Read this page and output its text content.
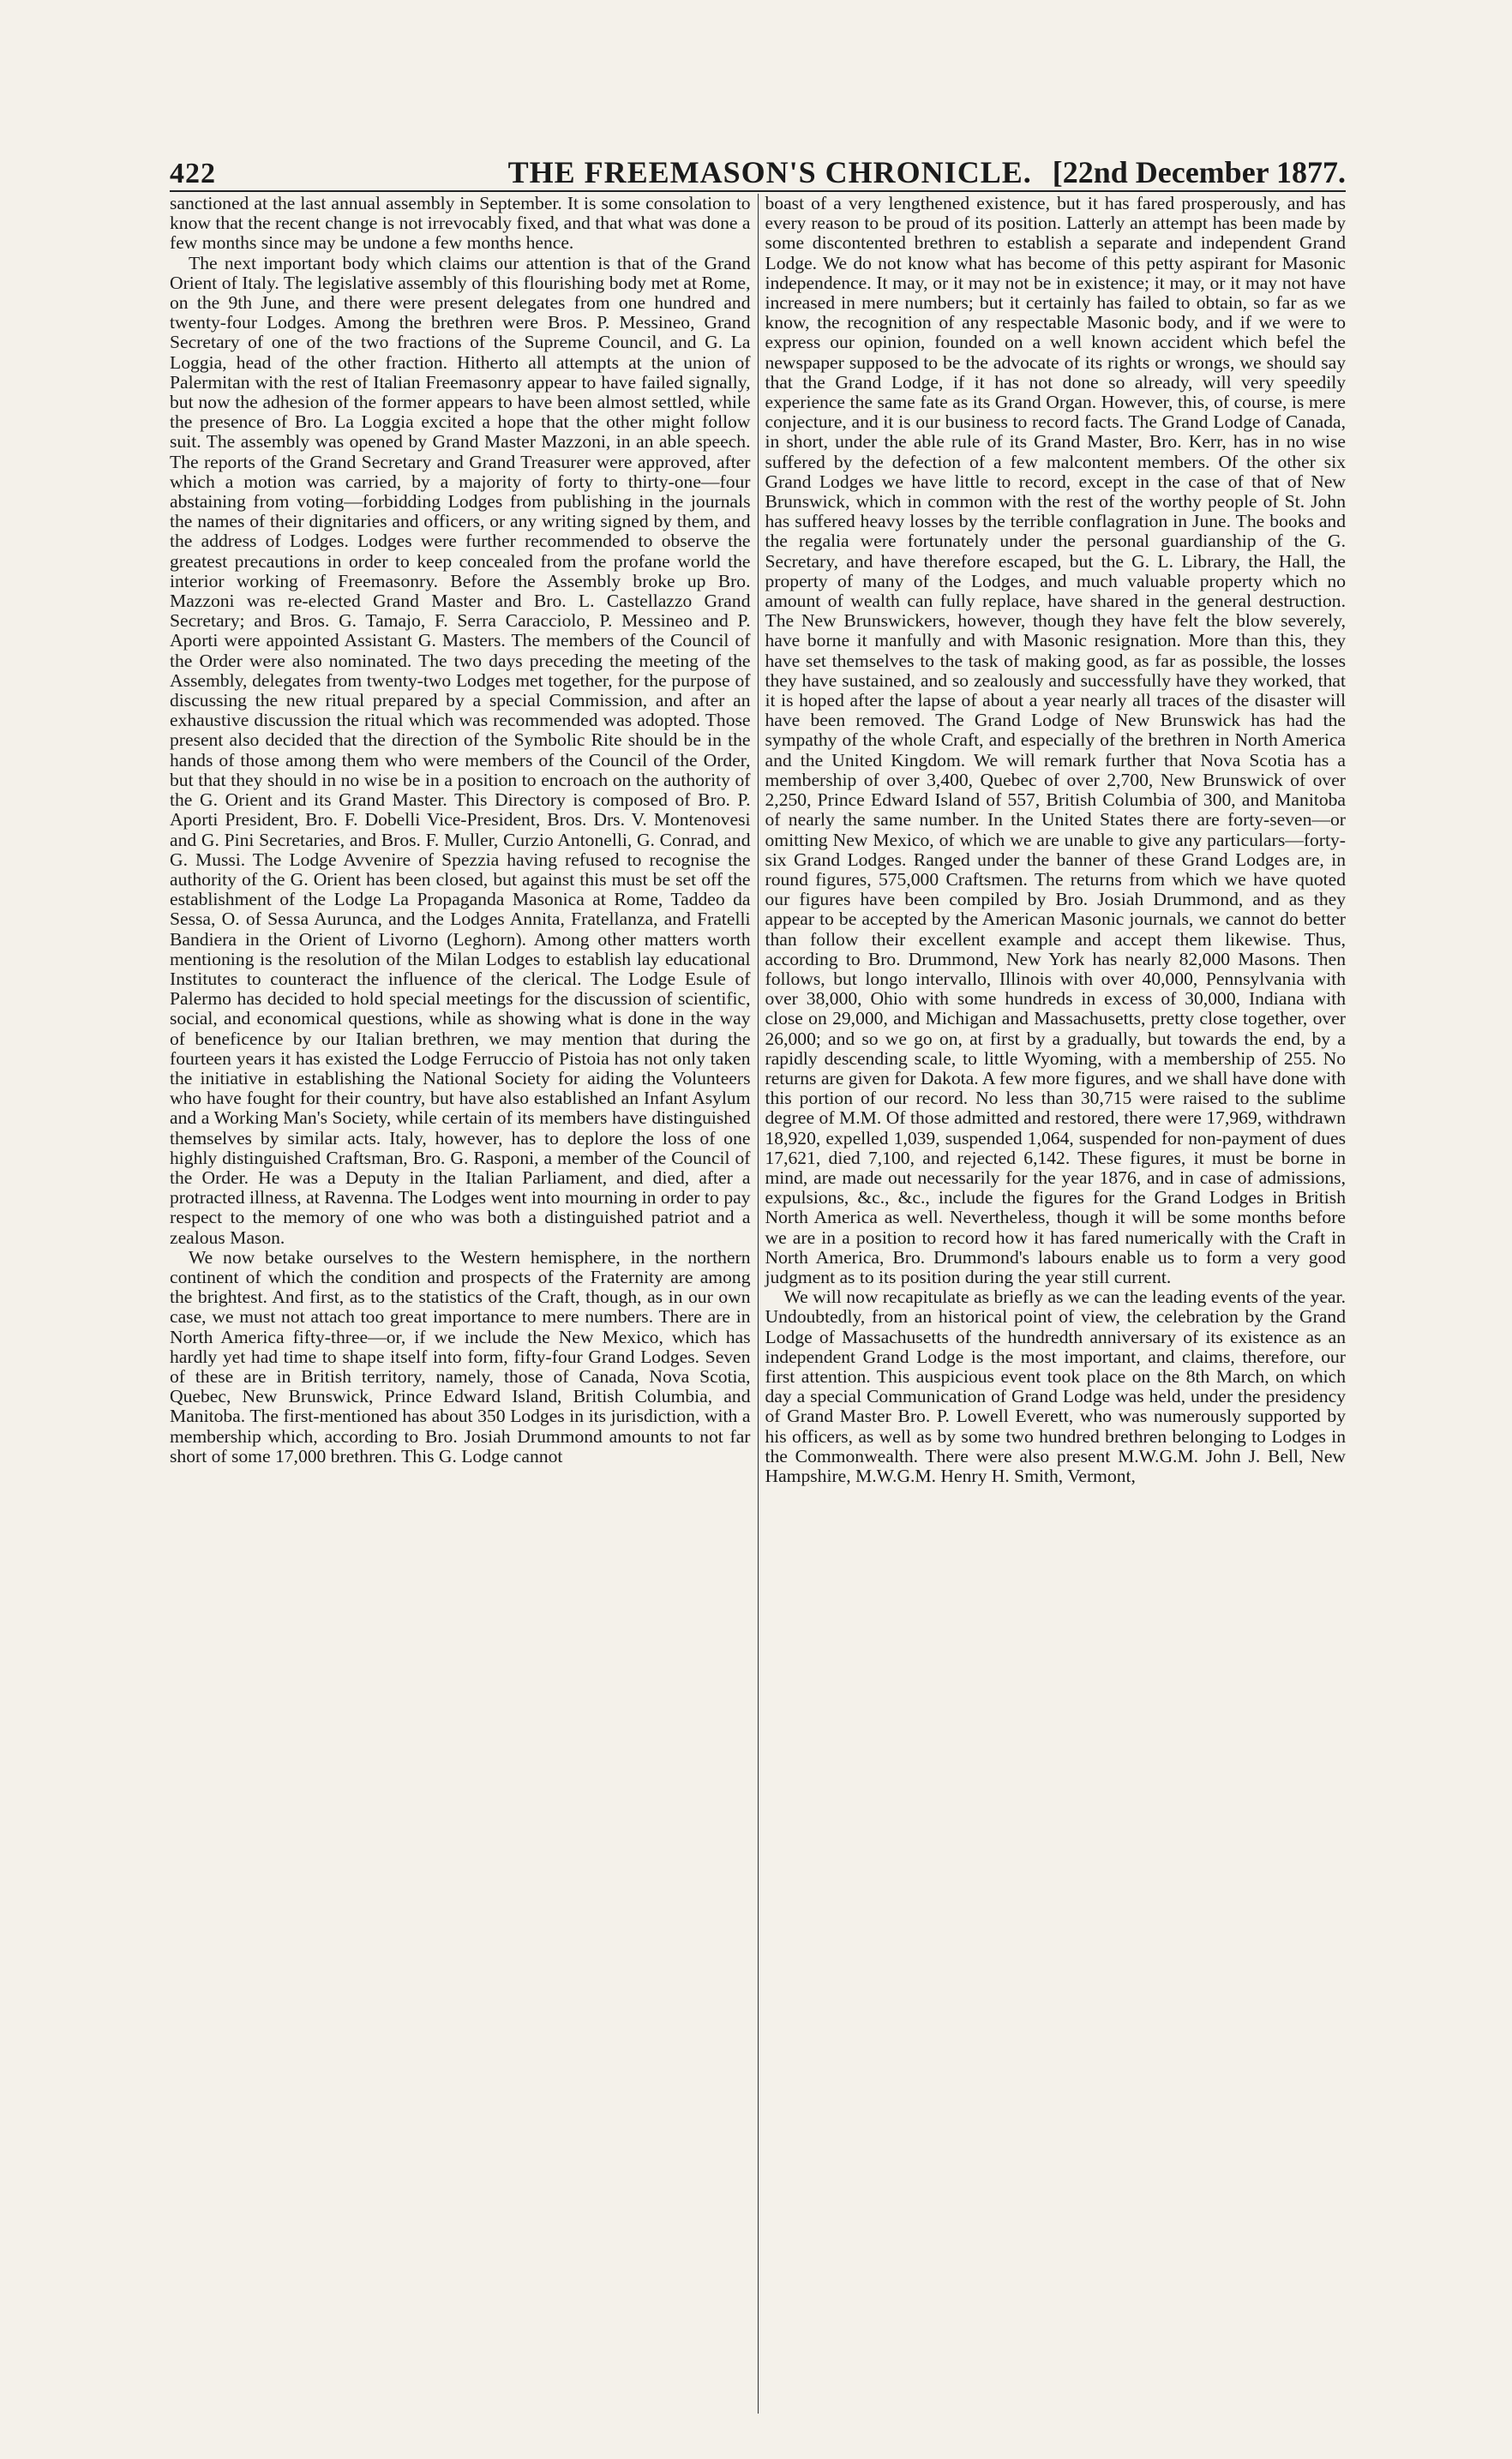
422	THE FREEMASON'S CHRONICLE. [22nd December 1877.

sanctioned at the last annual assembly in September. It is some consolation to know that the recent change is not irrevocably fixed, and that what was done a few months since may be undone a few months hence.

The next important body which claims our attention is that of the Grand Orient of Italy. The legislative assembly of this flourishing body met at Rome, on the 9th June, and there were present delegates from one hundred and twenty-four Lodges. Among the brethren were Bros. P. Messineo, Grand Secretary of one of the two fractions of the Supreme Council, and G. La Loggia, head of the other fraction. Hitherto all attempts at the union of Palermitan with the rest of Italian Freemasonry appear to have failed signally, but now the adhesion of the former appears to have been almost settled, while the presence of Bro. La Loggia excited a hope that the other might follow suit. The assembly was opened by Grand Master Mazzoni, in an able speech. The reports of the Grand Secretary and Grand Treasurer were approved, after which a motion was carried, by a majority of forty to thirty-one—four abstaining from voting—forbidding Lodges from publishing in the journals the names of their dignitaries and officers, or any writing signed by them, and the address of Lodges. Lodges were further recommended to observe the greatest precautions in order to keep concealed from the profane world the interior working of Freemasonry. Before the Assembly broke up Bro. Mazzoni was re-elected Grand Master and Bro. L. Castellazzo Grand Secretary; and Bros. G. Tamajo, F. Serra Caracciolo, P. Messineo and P. Aporti were appointed Assistant G. Masters. The members of the Council of the Order were also nominated. The two days preceding the meeting of the Assembly, delegates from twenty-two Lodges met together, for the purpose of discussing the new ritual prepared by a special Commission, and after an exhaustive discussion the ritual which was recommended was adopted. Those present also decided that the direction of the Symbolic Rite should be in the hands of those among them who were members of the Council of the Order, but that they should in no wise be in a position to encroach on the authority of the G. Orient and its Grand Master. This Directory is composed of Bro. P. Aporti President, Bro. F. Dobelli Vice-President, Bros. Drs. V. Montenovesi and G. Pini Secretaries, and Bros. F. Muller, Curzio Antonelli, G. Conrad, and G. Mussi. The Lodge Avvenire of Spezzia having refused to recognise the authority of the G. Orient has been closed, but against this must be set off the establishment of the Lodge La Propaganda Masonica at Rome, Taddeo da Sessa, O. of Sessa Aurunca, and the Lodges Annita, Fratellanza, and Fratelli Bandiera in the Orient of Livorno (Leghorn). Among other matters worth mentioning is the resolution of the Milan Lodges to establish lay educational Institutes to counteract the influence of the clerical. The Lodge Esule of Palermo has decided to hold special meetings for the discussion of scientific, social, and economical questions, while as showing what is done in the way of beneficence by our Italian brethren, we may mention that during the fourteen years it has existed the Lodge Ferruccio of Pistoia has not only taken the initiative in establishing the National Society for aiding the Volunteers who have fought for their country, but have also established an Infant Asylum and a Working Man's Society, while certain of its members have distinguished themselves by similar acts. Italy, however, has to deplore the loss of one highly distinguished Craftsman, Bro. G. Rasponi, a member of the Council of the Order. He was a Deputy in the Italian Parliament, and died, after a protracted illness, at Ravenna. The Lodges went into mourning in order to pay respect to the memory of one who was both a distinguished patriot and a zealous Mason.

We now betake ourselves to the Western hemisphere, in the northern continent of which the condition and prospects of the Fraternity are among the brightest. And first, as to the statistics of the Craft, though, as in our own case, we must not attach too great importance to mere numbers. There are in North America fifty-three—or, if we include the New Mexico, which has hardly yet had time to shape itself into form, fifty-four Grand Lodges. Seven of these are in British territory, namely, those of Canada, Nova Scotia, Quebec, New Brunswick, Prince Edward Island, British Columbia, and Manitoba. The first-mentioned has about 350 Lodges in its jurisdiction, with a membership which, according to Bro. Josiah Drummond amounts to not far short of some 17,000 brethren. This G. Lodge cannot

boast of a very lengthened existence, but it has fared prosperously, and has every reason to be proud of its position. Latterly an attempt has been made by some discontented brethren to establish a separate and independent Grand Lodge. We do not know what has become of this petty aspirant for Masonic independence. It may, or it may not be in existence; it may, or it may not have increased in mere numbers; but it certainly has failed to obtain, so far as we know, the recognition of any respectable Masonic body, and if we were to express our opinion, founded on a well known accident which befel the newspaper supposed to be the advocate of its rights or wrongs, we should say that the Grand Lodge, if it has not done so already, will very speedily experience the same fate as its Grand Organ. However, this, of course, is mere conjecture, and it is our business to record facts. The Grand Lodge of Canada, in short, under the able rule of its Grand Master, Bro. Kerr, has in no wise suffered by the defection of a few malcontent members. Of the other six Grand Lodges we have little to record, except in the case of that of New Brunswick, which in common with the rest of the worthy people of St. John has suffered heavy losses by the terrible conflagration in June. The books and the regalia were fortunately under the personal guardianship of the G. Secretary, and have therefore escaped, but the G. L. Library, the Hall, the property of many of the Lodges, and much valuable property which no amount of wealth can fully replace, have shared in the general destruction. The New Brunswickers, however, though they have felt the blow severely, have borne it manfully and with Masonic resignation. More than this, they have set themselves to the task of making good, as far as possible, the losses they have sustained, and so zealously and successfully have they worked, that it is hoped after the lapse of about a year nearly all traces of the disaster will have been removed. The Grand Lodge of New Brunswick has had the sympathy of the whole Craft, and especially of the brethren in North America and the United Kingdom. We will remark further that Nova Scotia has a membership of over 3,400, Quebec of over 2,700, New Brunswick of over 2,250, Prince Edward Island of 557, British Columbia of 300, and Manitoba of nearly the same number. In the United States there are forty-seven—or omitting New Mexico, of which we are unable to give any particulars—forty-six Grand Lodges. Ranged under the banner of these Grand Lodges are, in round figures, 575,000 Craftsmen. The returns from which we have quoted our figures have been compiled by Bro. Josiah Drummond, and as they appear to be accepted by the American Masonic journals, we cannot do better than follow their excellent example and accept them likewise. Thus, according to Bro. Drummond, New York has nearly 82,000 Masons. Then follows, but longo intervallo, Illinois with over 40,000, Pennsylvania with over 38,000, Ohio with some hundreds in excess of 30,000, Indiana with close on 29,000, and Michigan and Massachusetts, pretty close together, over 26,000; and so we go on, at first by a gradually, but towards the end, by a rapidly descending scale, to little Wyoming, with a membership of 255. No returns are given for Dakota. A few more figures, and we shall have done with this portion of our record. No less than 30,715 were raised to the sublime degree of M.M. Of those admitted and restored, there were 17,969, withdrawn 18,920, expelled 1,039, suspended 1,064, suspended for non-payment of dues 17,621, died 7,100, and rejected 6,142. These figures, it must be borne in mind, are made out necessarily for the year 1876, and in case of admissions, expulsions, &c., &c., include the figures for the Grand Lodges in British North America as well. Nevertheless, though it will be some months before we are in a position to record how it has fared numerically with the Craft in North America, Bro. Drummond's labours enable us to form a very good judgment as to its position during the year still current.

We will now recapitulate as briefly as we can the leading events of the year. Undoubtedly, from an historical point of view, the celebration by the Grand Lodge of Massachusetts of the hundredth anniversary of its existence as an independent Grand Lodge is the most important, and claims, therefore, our first attention. This auspicious event took place on the 8th March, on which day a special Communication of Grand Lodge was held, under the presidency of Grand Master Bro. P. Lowell Everett, who was numerously supported by his officers, as well as by some two hundred brethren belonging to Lodges in the Commonwealth. There were also present M.W.G.M. John J. Bell, New Hampshire, M.W.G.M. Henry H. Smith, Vermont,
